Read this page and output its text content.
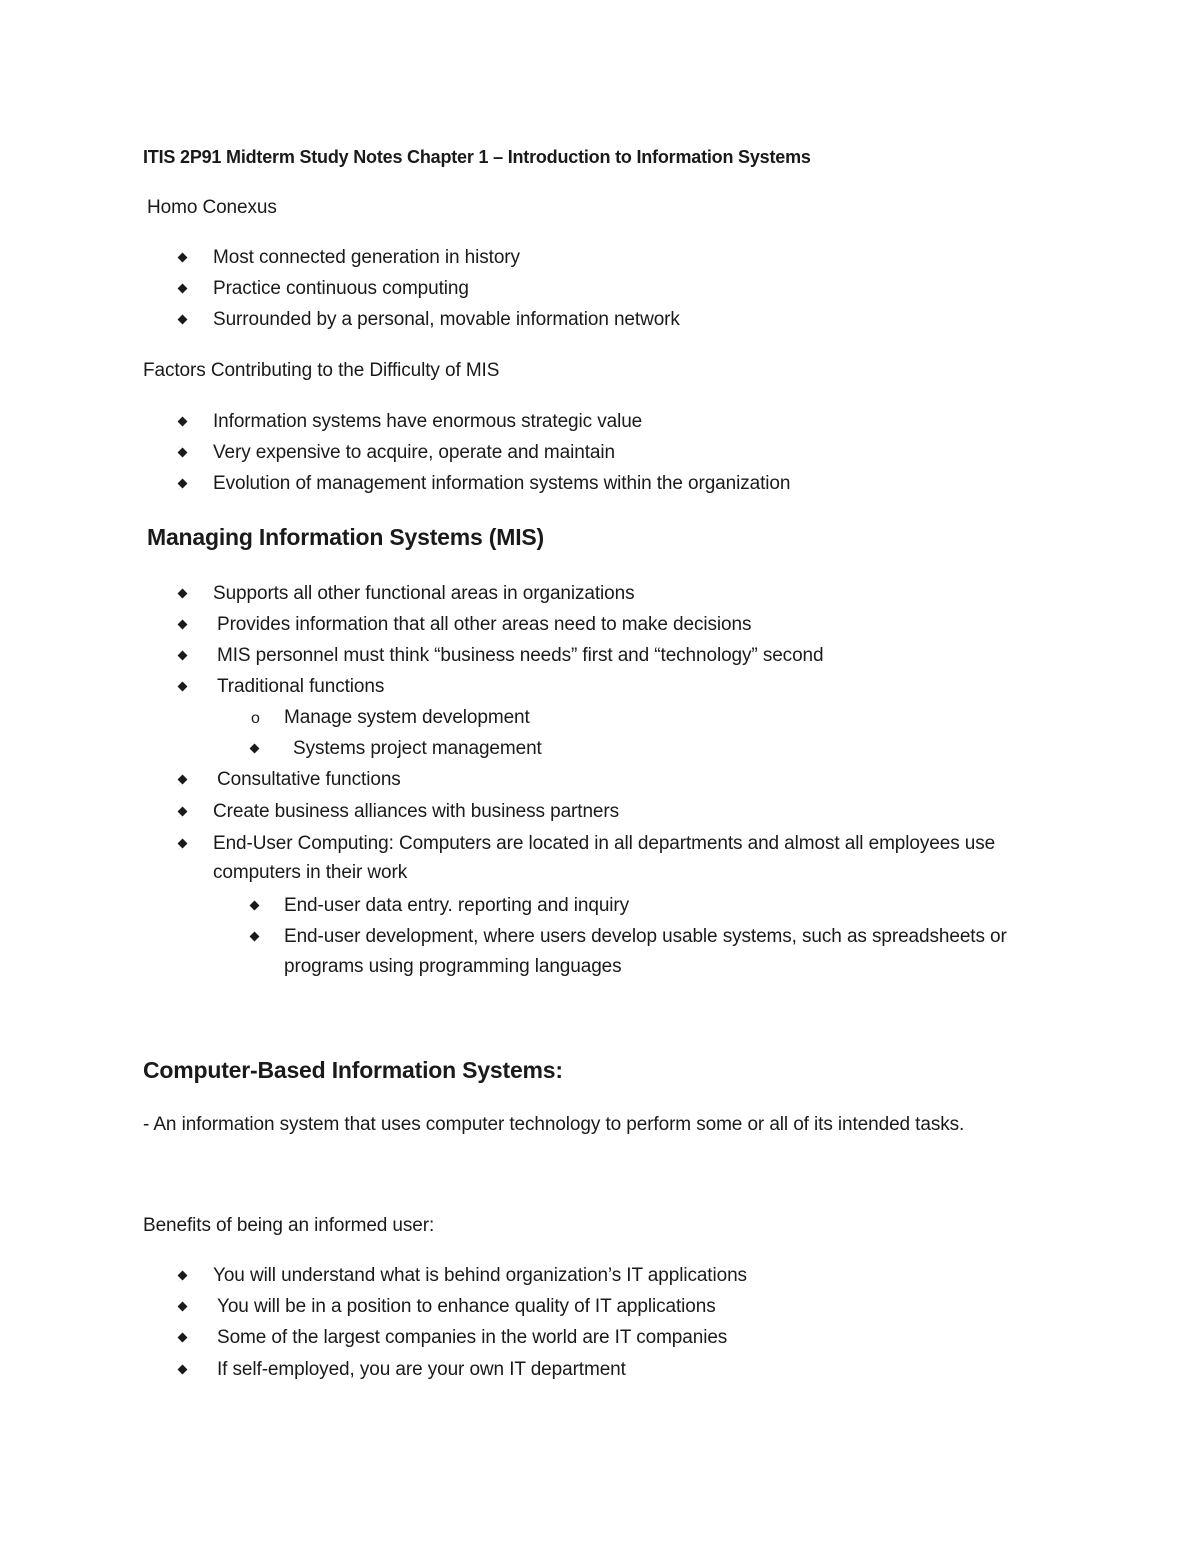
ITIS 2P91 Midterm Study Notes Chapter 1 – Introduction to Information Systems
Homo Conexus
Most connected generation in history
Practice continuous computing
Surrounded by a personal, movable information network
Factors Contributing to the Difficulty of MIS
Information systems have enormous strategic value
Very expensive to acquire, operate and maintain
Evolution of management information systems within the organization
Managing Information Systems (MIS)
Supports all other functional areas in organizations
Provides information that all other areas need to make decisions
MIS personnel must think “business needs” first and “technology” second
Traditional functions
o Manage system development
Systems project management
Consultative functions
Create business alliances with business partners
End-User Computing: Computers are located in all departments and almost all employees use
computers in their work
End-user data entry. reporting and inquiry
End-user development, where users develop usable systems, such as spreadsheets or
programs using programming languages
Computer-Based Information Systems:
- An information system that uses computer technology to perform some or all of its intended tasks.
Benefits of being an informed user:
You will understand what is behind organization’s IT applications
You will be in a position to enhance quality of IT applications
Some of the largest companies in the world are IT companies
If self-employed, you are your own IT department
